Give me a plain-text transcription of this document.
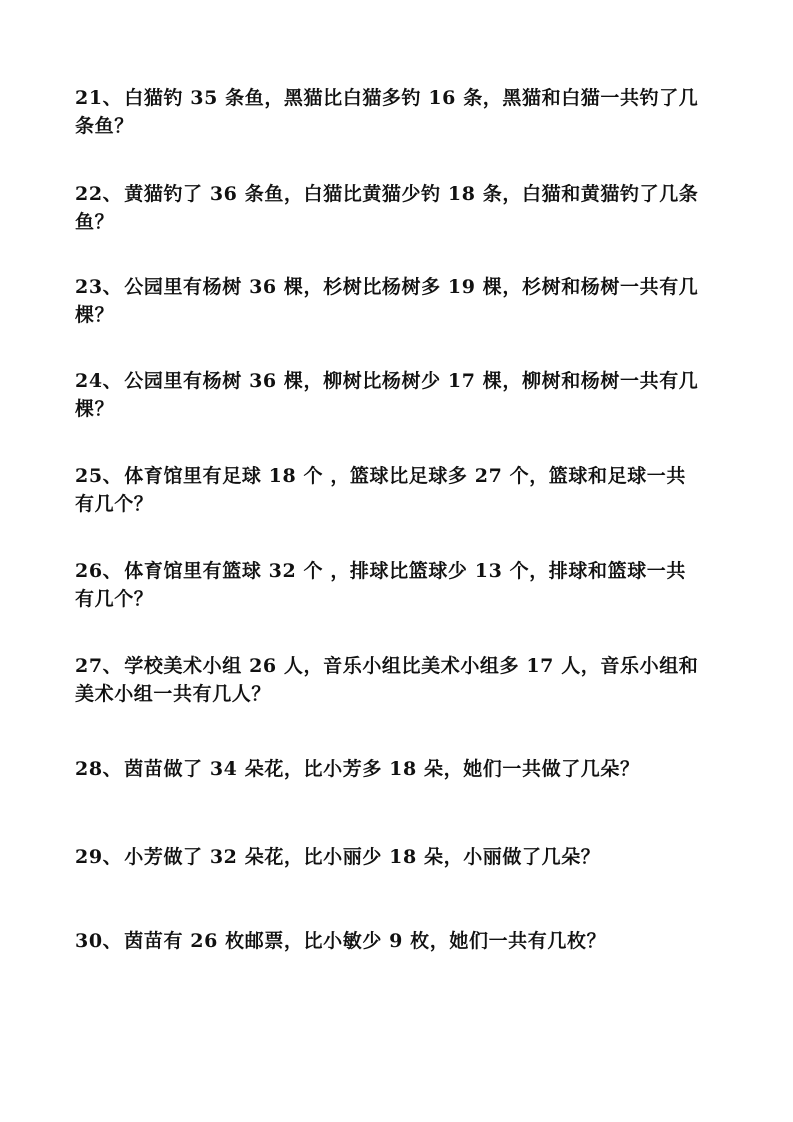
21、 白猫钓 35 条鱼，黑猫比白猫多钓 16 条，黑猫和白猫一共钓了几条鱼？
22、 黄猫钓了 36 条鱼，白猫比黄猫少钓 18 条，白猫和黄猫钓了几条鱼？
23、 公园里有杨树 36 棵，杉树比杨树多 19 棵，杉树和杨树一共有几棵？
24、 公园里有杨树 36 棵，柳树比杨树少 17 棵，柳树和杨树一共有几棵？
25、 体育馆里有足球 18 个 ，篮球比足球多 27 个，篮球和足球一共有几个？
26、 体育馆里有篮球 32 个 ，排球比篮球少 13 个，排球和篮球一共有几个？
27、 学校美术小组 26 人，音乐小组比美术小组多 17 人，音乐小组和美术小组一共有几人？
28、 茵苗做了 34 朵花，比小芳多 18 朵，她们一共做了几朵？
29、 小芳做了 32 朵花，比小丽少 18 朵，小丽做了几朵？
30、 茵苗有 26 枚邮票，比小敏少 9 枚，她们一共有几枚？
